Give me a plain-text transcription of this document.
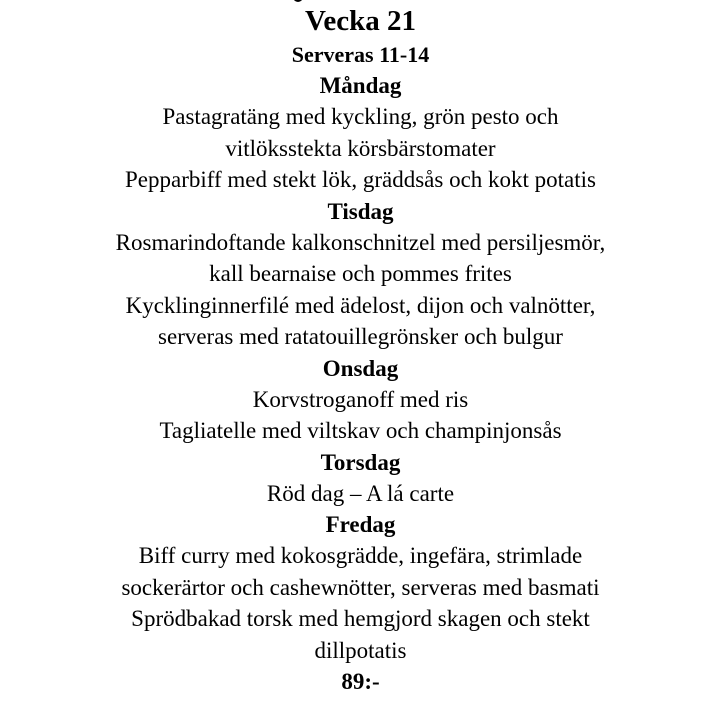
Vecka 21
Serveras 11-14
Måndag
Pastagratäng med kyckling, grön pesto och
vitlöksstekta körsbärstomater
Pepparbiff med stekt lök, gräddsås och kokt potatis
Tisdag
Rosmarindoftande kalkonschnitzel med persiljesmör,
kall bearnaise och pommes frites
Kycklinginnerfilé med ädelost, dijon och valnötter,
serveras med ratatouillegrönsker och bulgur
Onsdag
Korvstroganoff med ris
Tagliatelle med viltskav och champinjonsås
Torsdag
Röd dag – A lá carte
Fredag
Biff curry med kokosgrädde, ingefära, strimlade
sockerärtor och cashewnötter, serveras med basmati
Sprödbakad torsk med hemgjord skagen och stekt
dillpotatis
89:-
